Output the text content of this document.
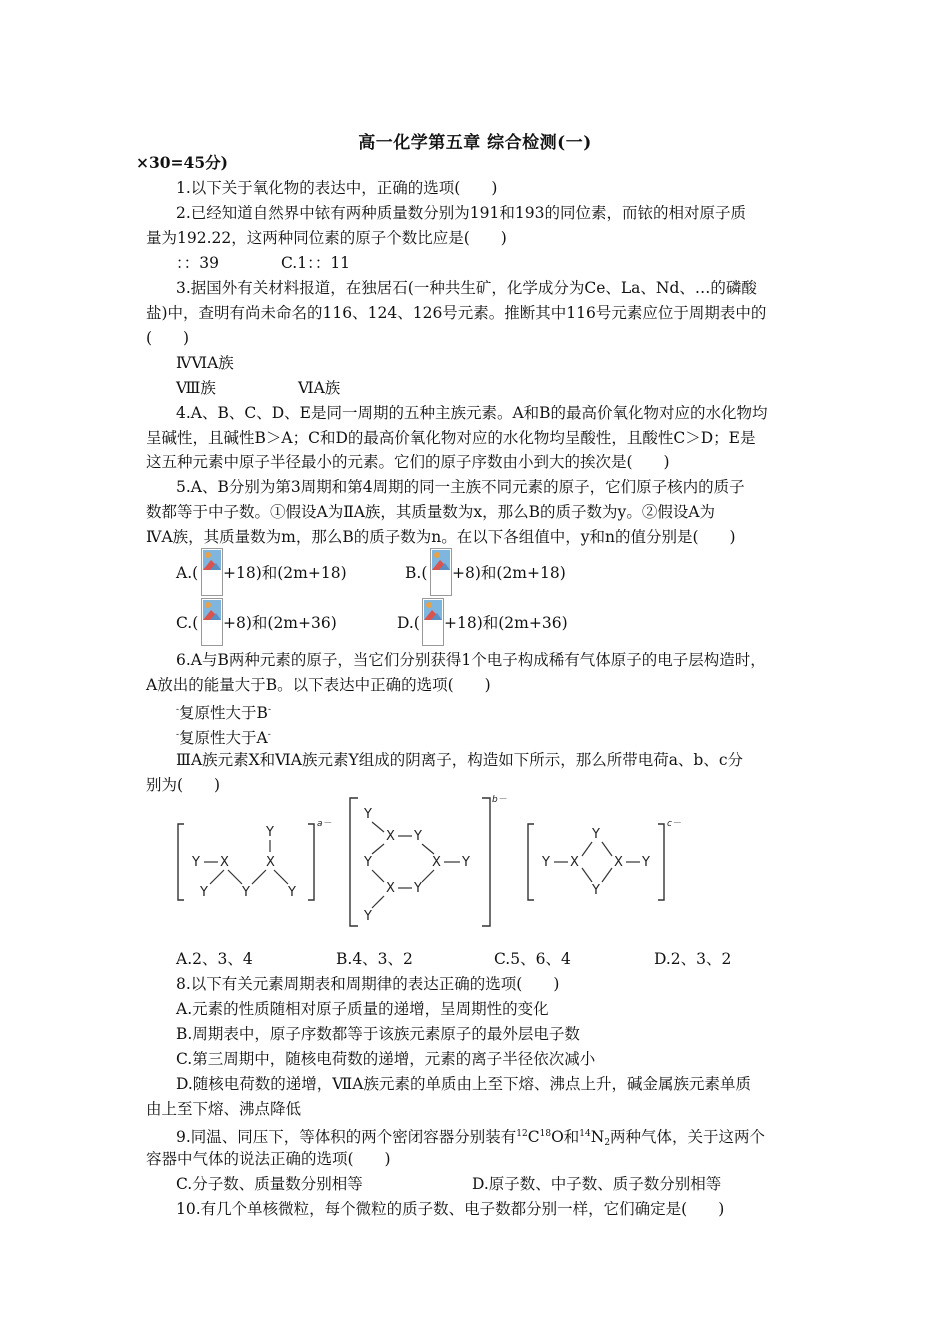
高一化学第五章 综合检测(一)
×30=45分)
1.以下关于氧化物的表达中，正确的选项(　　)
2.已经知道自然界中铱有两种质量数分别为191和193的同位素，而铱的相对原子质
量为192.22，这两种同位素的原子个数比应是(　　)
：：39　　　　C.1：：11
3.据国外有关材料报道，在独居石(一种共生矿，化学成分为Ce、La、Nd、…的磷酸
盐)中，查明有尚未命名的116、124、126号元素。推断其中116号元素应位于周期表中的
(　　)
ⅣⅥA族
Ⅷ族	ⅥA族
4.A、B、C、D、E是同一周期的五种主族元素。A和B的最高价氧化物对应的水化物均
呈碱性，且碱性B＞A；C和D的最高价氧化物对应的水化物均呈酸性，且酸性C＞D；E是
这五种元素中原子半径最小的元素。它们的原子序数由小到大的挨次是(　　)
5.A、B分别为第3周期和第4周期的同一主族不同元素的原子，它们原子核内的质子
数都等于中子数。①假设A为ⅡA族，其质量数为x，那么B的质子数为y。②假设A为
ⅣA族，其质量数为m，那么B的质子数为n。在以下各组值中，y和n的值分别是(　　)
A.( +18)和(2m+18)	B.( +8)和(2m+18)
C.( +8)和(2m+36)	D.( +18)和(2m+36)
6.A与B两种元素的原子，当它们分别获得1个电子构成稀有气体原子的电子层构造时，
A放出的能量大于B。以下表达中正确的选项(　　)
-复原性大于B-
-复原性大于A-
ⅢA族元素X和ⅥA族元素Y组成的阴离子，构造如下所示，那么所带电荷a、b、c分
别为(　　)
a－
Y X
Y
X
Y	Y	Y
b－
Y
X Y
Y	X Y
X Y
Y
c－
Y
Y X	X Y
Y
A.2、3、4	B.4、3、2	C.5、6、4	D.2、3、2
8.以下有关元素周期表和周期律的表达正确的选项(　　)
A.元素的性质随相对原子质量的递增，呈周期性的变化
B.周期表中，原子序数都等于该族元素原子的最外层电子数
C.第三周期中，随核电荷数的递增，元素的离子半径依次减小
D.随核电荷数的递增，ⅦA族元素的单质由上至下熔、沸点上升，碱金属族元素单质
由上至下熔、沸点降低
9.同温、同压下，等体积的两个密闭容器分别装有$^{12}C^{18}O$和$^{14}N_2$两种气体，关于这两个
容器中气体的说法正确的选项(　　)
C.分子数、质量数分别相等	D.原子数、中子数、质子数分别相等
10.有几个单核微粒，每个微粒的质子数、电子数都分别一样，它们确定是(　　)
